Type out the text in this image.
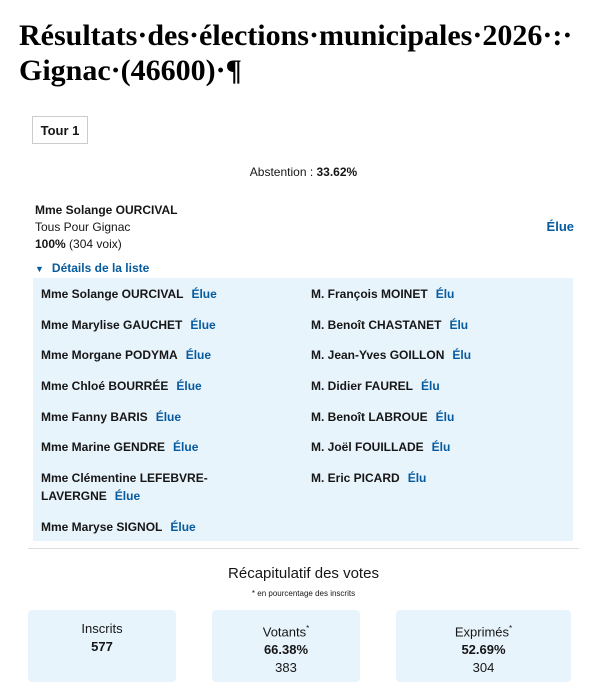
Résultats·des·élections·municipales·2026·:·
Gignac·(46600)·¶
Tour 1
Abstention : 33.62%
Mme Solange OURCIVAL
Tous Pour Gignac
100% (304 voix)
Élue
▼ Détails de la liste
Mme Solange OURCIVAL Élue
Mme Marylise GAUCHET Élue
Mme Morgane PODYMA Élue
Mme Chloé BOURRÉE Élue
Mme Fanny BARIS Élue
Mme Marine GENDRE Élue
Mme Clémentine LEFEBVRE-LAVERGNE Élue
Mme Maryse SIGNOL Élue
M. François MOINET Élu
M. Benoît CHASTANET Élu
M. Jean-Yves GOILLON Élu
M. Didier FAUREL Élu
M. Benoît LABROUE Élu
M. Joël FOUILLADE Élu
M. Eric PICARD Élu
Récapitulatif des votes
* en pourcentage des inscrits
Inscrits
577
Votants*
66.38%
383
Exprimés*
52.69%
304
